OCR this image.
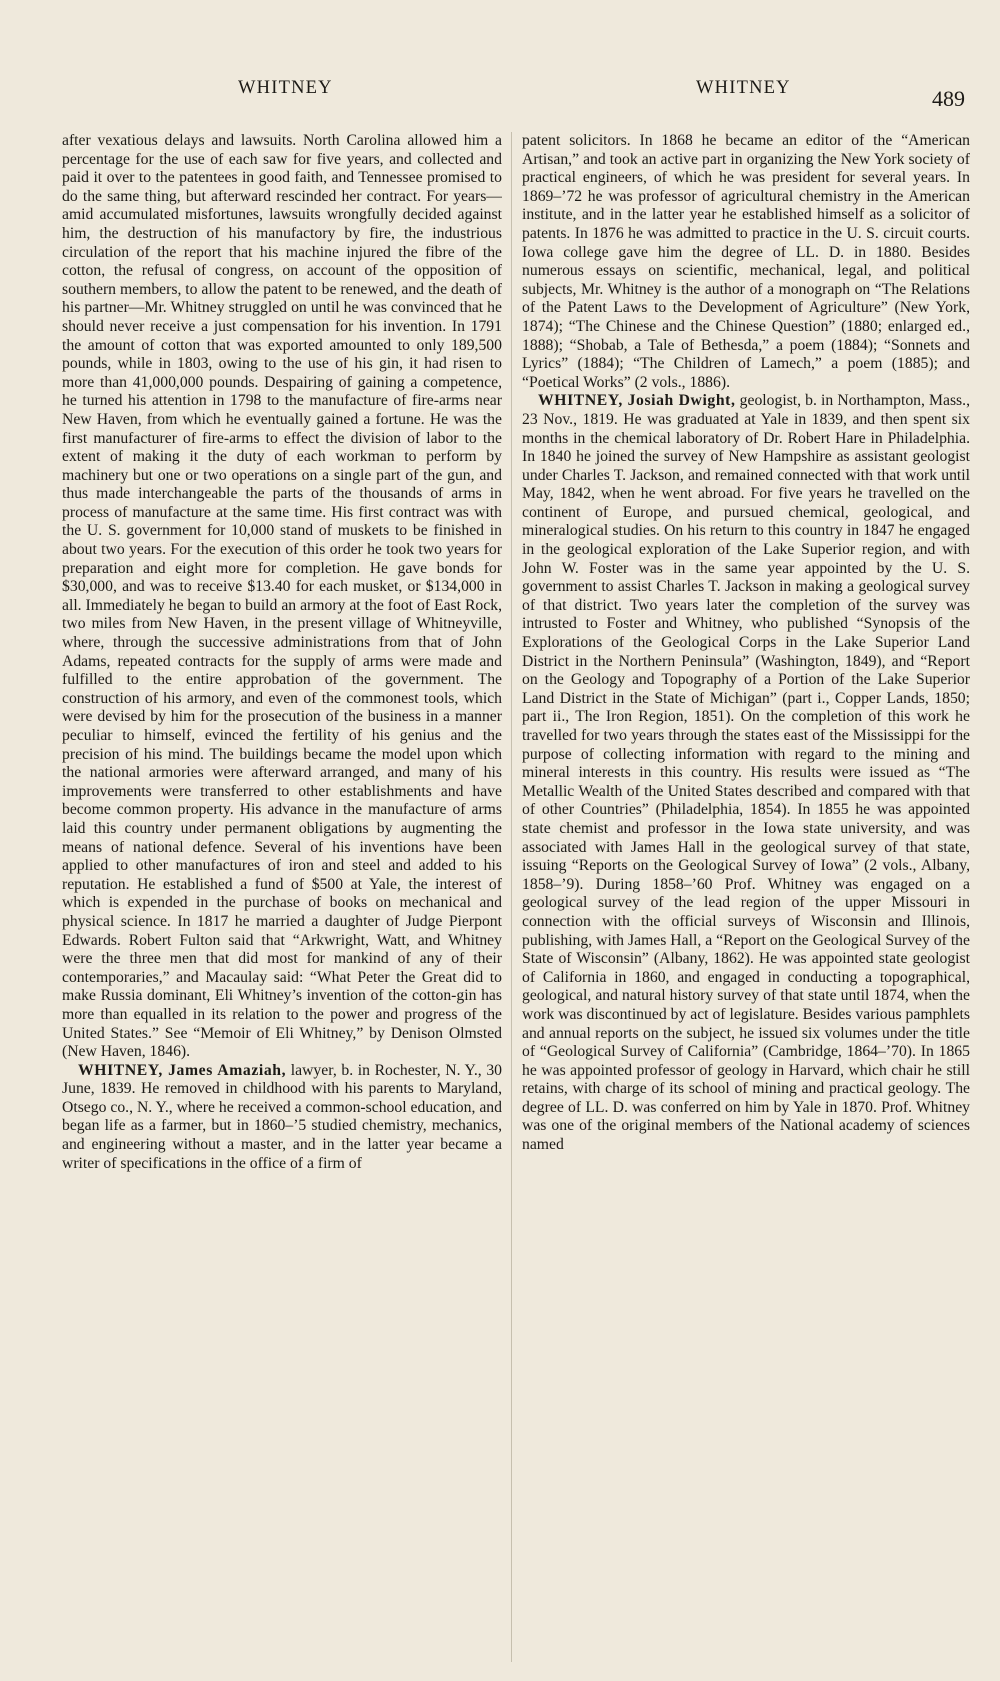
WHITNEY	WHITNEY	489

after vexatious delays and lawsuits. North Carolina allowed him a percentage for the use of each saw for five years, and collected and paid it over to the patentees in good faith, and Tennessee promised to do the same thing, but afterward rescinded her contract. For years—amid accumulated misfortunes, lawsuits wrongfully decided against him, the destruction of his manufactory by fire, the industrious circulation of the report that his machine injured the fibre of the cotton, the refusal of congress, on account of the opposition of southern members, to allow the patent to be renewed, and the death of his partner—Mr. Whitney struggled on until he was convinced that he should never receive a just compensation for his invention. In 1791 the amount of cotton that was exported amounted to only 189,500 pounds, while in 1803, owing to the use of his gin, it had risen to more than 41,000,000 pounds. Despairing of gaining a competence, he turned his attention in 1798 to the manufacture of fire-arms near New Haven, from which he eventually gained a fortune. He was the first manufacturer of fire-arms to effect the division of labor to the extent of making it the duty of each workman to perform by machinery but one or two operations on a single part of the gun, and thus made interchangeable the parts of the thousands of arms in process of manufacture at the same time. His first contract was with the U. S. government for 10,000 stand of muskets to be finished in about two years. For the execution of this order he took two years for preparation and eight more for completion. He gave bonds for $30,000, and was to receive $13.40 for each musket, or $134,000 in all. Immediately he began to build an armory at the foot of East Rock, two miles from New Haven, in the present village of Whitneyville, where, through the successive administrations from that of John Adams, repeated contracts for the supply of arms were made and fulfilled to the entire approbation of the government. The construction of his armory, and even of the commonest tools, which were devised by him for the prosecution of the business in a manner peculiar to himself, evinced the fertility of his genius and the precision of his mind. The buildings became the model upon which the national armories were afterward arranged, and many of his improvements were transferred to other establishments and have become common property. His advance in the manufacture of arms laid this country under permanent obligations by augmenting the means of national defence. Several of his inventions have been applied to other manufactures of iron and steel and added to his reputation. He established a fund of $500 at Yale, the interest of which is expended in the purchase of books on mechanical and physical science. In 1817 he married a daughter of Judge Pierpont Edwards. Robert Fulton said that “Arkwright, Watt, and Whitney were the three men that did most for mankind of any of their contemporaries,” and Macaulay said: “What Peter the Great did to make Russia dominant, Eli Whitney’s invention of the cotton-gin has more than equalled in its relation to the power and progress of the United States.” See “Memoir of Eli Whitney,” by Denison Olmsted (New Haven, 1846).

WHITNEY, James Amaziah, lawyer, b. in Rochester, N. Y., 30 June, 1839. He removed in childhood with his parents to Maryland, Otsego co., N. Y., where he received a common-school education, and began life as a farmer, but in 1860–’5 studied chemistry, mechanics, and engineering without a master, and in the latter year became a writer of specifications in the office of a firm of

patent solicitors. In 1868 he became an editor of the “American Artisan,” and took an active part in organizing the New York society of practical engineers, of which he was president for several years. In 1869–’72 he was professor of agricultural chemistry in the American institute, and in the latter year he established himself as a solicitor of patents. In 1876 he was admitted to practice in the U. S. circuit courts. Iowa college gave him the degree of LL. D. in 1880. Besides numerous essays on scientific, mechanical, legal, and political subjects, Mr. Whitney is the author of a monograph on “The Relations of the Patent Laws to the Development of Agriculture” (New York, 1874); “The Chinese and the Chinese Question” (1880; enlarged ed., 1888); “Shobab, a Tale of Bethesda,” a poem (1884); “Sonnets and Lyrics” (1884); “The Children of Lamech,” a poem (1885); and “Poetical Works” (2 vols., 1886).

WHITNEY, Josiah Dwight, geologist, b. in Northampton, Mass., 23 Nov., 1819. He was graduated at Yale in 1839, and then spent six months in the chemical laboratory of Dr. Robert Hare in Philadelphia. In 1840 he joined the survey of New Hampshire as assistant geologist under Charles T. Jackson, and remained connected with that work until May, 1842, when he went abroad. For five years he travelled on the continent of Europe, and pursued chemical, geological, and mineralogical studies. On his return to this country in 1847 he engaged in the geological exploration of the Lake Superior region, and with John W. Foster was in the same year appointed by the U. S. government to assist Charles T. Jackson in making a geological survey of that district. Two years later the completion of the survey was intrusted to Foster and Whitney, who published “Synopsis of the Explorations of the Geological Corps in the Lake Superior Land District in the Northern Peninsula” (Washington, 1849), and “Report on the Geology and Topography of a Portion of the Lake Superior Land District in the State of Michigan” (part i., Copper Lands, 1850; part ii., The Iron Region, 1851). On the completion of this work he travelled for two years through the states east of the Mississippi for the purpose of collecting information with regard to the mining and mineral interests in this country. His results were issued as “The Metallic Wealth of the United States described and compared with that of other Countries” (Philadelphia, 1854). In 1855 he was appointed state chemist and professor in the Iowa state university, and was associated with James Hall in the geological survey of that state, issuing “Reports on the Geological Survey of Iowa” (2 vols., Albany, 1858–’9). During 1858–’60 Prof. Whitney was engaged on a geological survey of the lead region of the upper Missouri in connection with the official surveys of Wisconsin and Illinois, publishing, with James Hall, a “Report on the Geological Survey of the State of Wisconsin” (Albany, 1862). He was appointed state geologist of California in 1860, and engaged in conducting a topographical, geological, and natural history survey of that state until 1874, when the work was discontinued by act of legislature. Besides various pamphlets and annual reports on the subject, he issued six volumes under the title of “Geological Survey of California” (Cambridge, 1864–’70). In 1865 he was appointed professor of geology in Harvard, which chair he still retains, with charge of its school of mining and practical geology. The degree of LL. D. was conferred on him by Yale in 1870. Prof. Whitney was one of the original members of the National academy of sciences named
